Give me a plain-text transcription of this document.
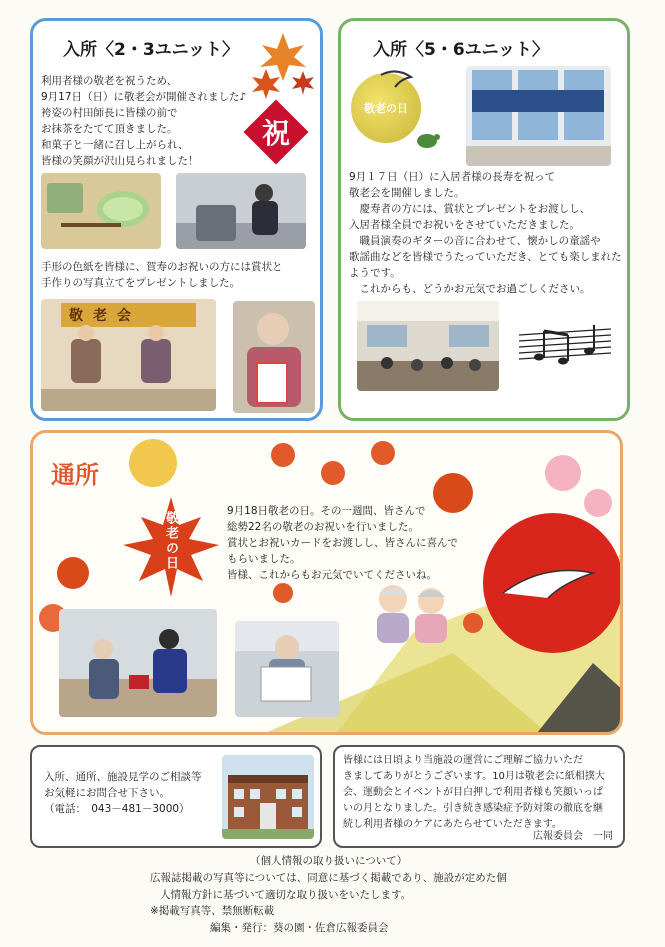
入所〈2・3ユニット〉
利用者様の敬老を祝うため、
9月17日（日）に敬老会が開催されました♪
袴姿の村田師長に皆様の前で
お抹茶をたてて頂きました。
和菓子と一緒に召し上がられ、
皆様の笑顔が沢山見られました！
祝
手形の色紙を皆様に、賀寿のお祝いの方には賞状と
手作りの写真立てをプレゼントしました。
敬老会
入所〈5・6ユニット〉
敬老の日
9月１７日（日）に入居者様の長寿を祝って
敬老会を開催しました。
　慶寿者の方には、賞状とプレゼントをお渡しし、
入居者様全員でお祝いをさせていただきました。
　職員演奏のギターの音に合わせて、懐かしの童謡や
歌謡曲などを皆様でうたっていただき、とても楽しまれた
ようです。
　これからも、どうかお元気でお過ごしください。
通所
敬老の日	9月18日敬老の日。その一週間、皆さんで
総勢22名の敬老のお祝いを行いました。
賞状とお祝いカードをお渡しし、皆さんに喜んで
もらいました。
皆様、これからもお元気でいてくださいね。
入所、通所、施設見学のご相談等
お気軽にお問合せ下さい。
（電話：　043－481－3000）
皆様には日頃より当施設の運営にご理解ご協力いただ
きましてありがとうございます。10月は敬老会に紙相撲大
会、運動会とイベントが目白押しで利用者様も笑顔いっぱ
いの月となりました。引き続き感染症予防対策の徹底を継
続し利用者様のケアにあたらせていただきます。
広報委員会　一同
（個人情報の取り扱いについて）
広報誌掲載の写真等については、同意に基づく掲載であり、施設が定めた個
人情報方針に基づいて適切な取り扱いをいたします。
※掲載写真等、禁無断転載
編集・発行：葵の園・佐倉広報委員会
